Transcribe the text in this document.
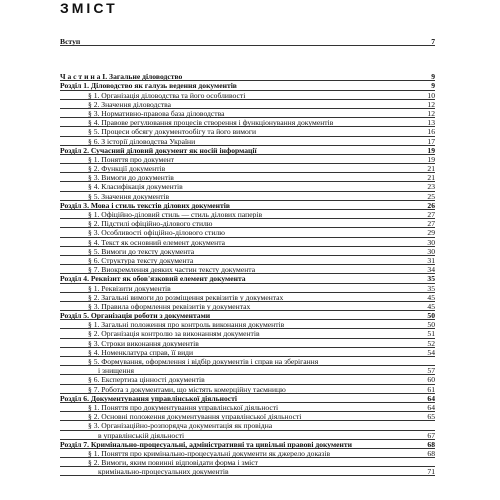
ЗМІСТ
Вступ	7
Ч а с т и н а І. Загальне діловодство	9
Розділ 1. Діловодство як галузь ведення документів	9
§ 1. Організація діловодства та його особливості	10
§ 2. Значення діловодства	12
§ 3. Нормативно-правова база діловодства	12
§ 4. Правове регулювання процесів створення і функціонування документів	13
§ 5. Процеси обсягу документообігу та його вимоги	16
§ 6. З історії діловодства України	17
Розділ 2. Сучасний діловий документ як носій інформації	19
§ 1. Поняття про документ	19
§ 2. Функції документів	21
§ 3. Вимоги до документів	21
§ 4. Класифікація документів	23
§ 5. Значення документів	25
Розділ 3. Мова і стиль текстів ділових документів	26
§ 1. Офіційно-діловий стиль — стиль ділових паперів	27
§ 2. Підстилі офіційно-ділового стилю	27
§ 3. Особливості офіційно-ділового стилю	29
§ 4. Текст як основний елемент документа	30
§ 5. Вимоги до тексту документа	30
§ 6. Структура тексту документа	31
§ 7. Виокремлення деяких частин тексту документа	34
Розділ 4. Реквізит як обов'язковий елемент документа	35
§ 1. Реквізити документів	35
§ 2. Загальні вимоги до розміщення реквізитів у документах	45
§ 3. Правила оформлення реквізитів у документах	45
Розділ 5. Організація роботи з документами	50
§ 1. Загальні положення про контроль виконання документів	50
§ 2. Організація контролю за виконанням документів	51
§ 3. Строки виконання документів	52
§ 4. Номенклатура справ, її види	54
§ 5. Формування, оформлення і відбір документів і справ на зберігання
і знищення	57
§ 6. Експертиза цінності документів	60
§ 7. Робота з документами, що містять комерційну таємницю	61
Розділ 6. Документування управлінської діяльності	64
§ 1. Поняття про документування управлінської діяльності	64
§ 2. Основні положення документування управлінської діяльності	65
§ 3. Організаційно-розпорядча документація як провідна
в управлінській діяльності	67
Розділ 7. Кримінально-процесуальні, адміністративні та цивільні правові документи	68
§ 1. Поняття про кримінально-процесуальні документи як джерело доказів	68
§ 2. Вимоги, яким повинні відповідати форма і зміст
кримінально-процесуальних документів	71
